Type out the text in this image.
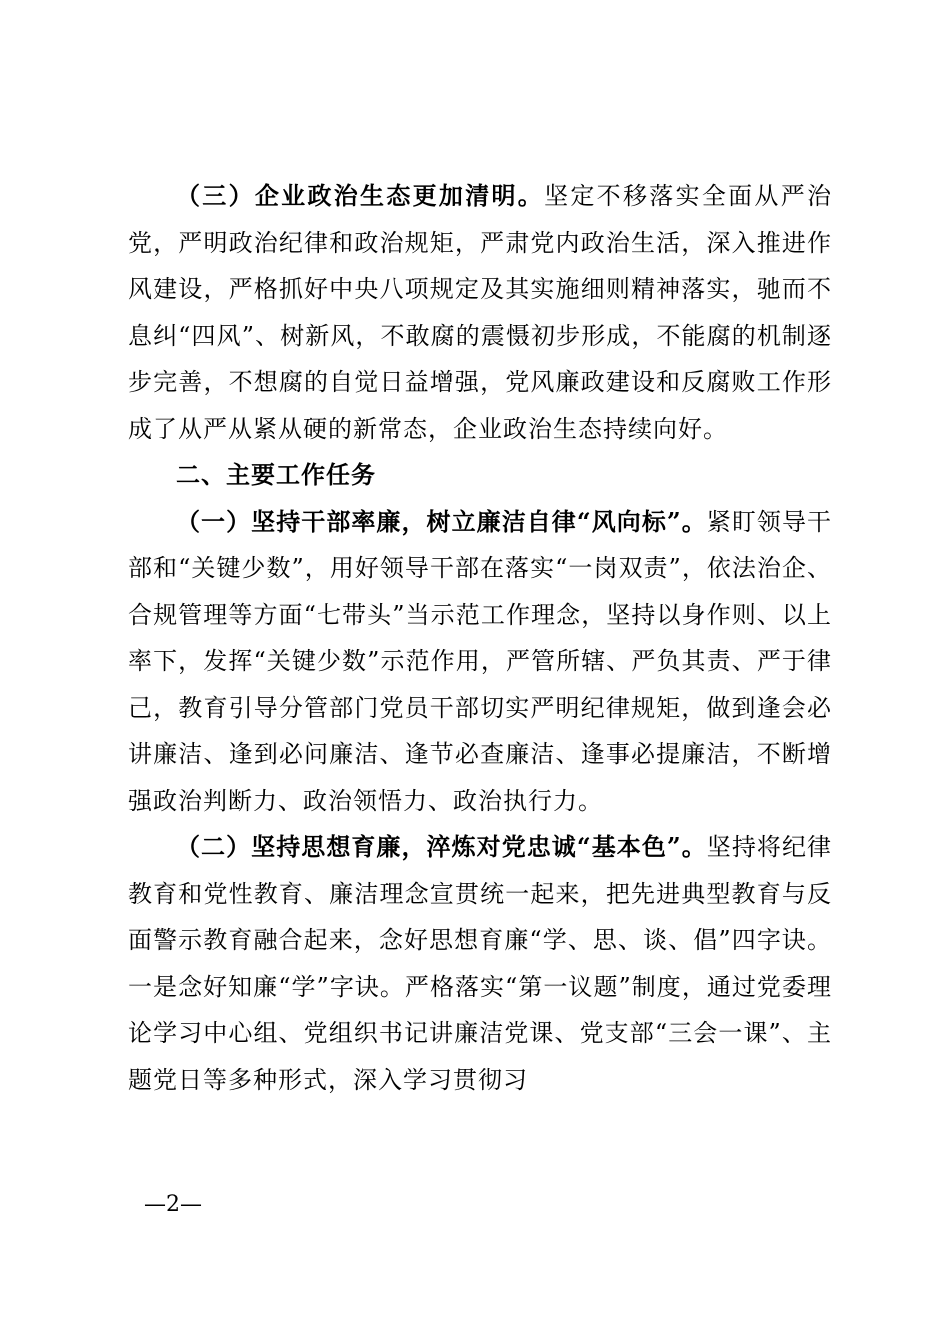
（三）企业政治生态更加清明。坚定不移落实全面从严治党，严明政治纪律和政治规矩，严肃党内政治生活，深入推进作风建设，严格抓好中央八项规定及其实施细则精神落实，驰而不息纠“四风”、树新风，不敢腐的震慑初步形成，不能腐的机制逐步完善，不想腐的自觉日益增强，党风廉政建设和反腐败工作形成了从严从紧从硬的新常态，企业政治生态持续向好。

二、主要工作任务

（一）坚持干部率廉，树立廉洁自律“风向标”。紧盯领导干部和“关键少数”，用好领导干部在落实“一岗双责”，依法治企、合规管理等方面“七带头”当示范工作理念，坚持以身作则、以上率下，发挥“关键少数”示范作用，严管所辖、严负其责、严于律己，教育引导分管部门党员干部切实严明纪律规矩，做到逢会必讲廉洁、逢到必问廉洁、逢节必查廉洁、逢事必提廉洁，不断增强政治判断力、政治领悟力、政治执行力。

（二）坚持思想育廉，淬炼对党忠诚“基本色”。坚持将纪律教育和党性教育、廉洁理念宣贯统一起来，把先进典型教育与反面警示教育融合起来，念好思想育廉“学、思、谈、倡”四字诀。一是念好知廉“学”字诀。严格落实“第一议题”制度，通过党委理论学习中心组、党组织书记讲廉洁党课、党支部“三会一课”、主题党日等多种形式，深入学习贯彻习

—2—
